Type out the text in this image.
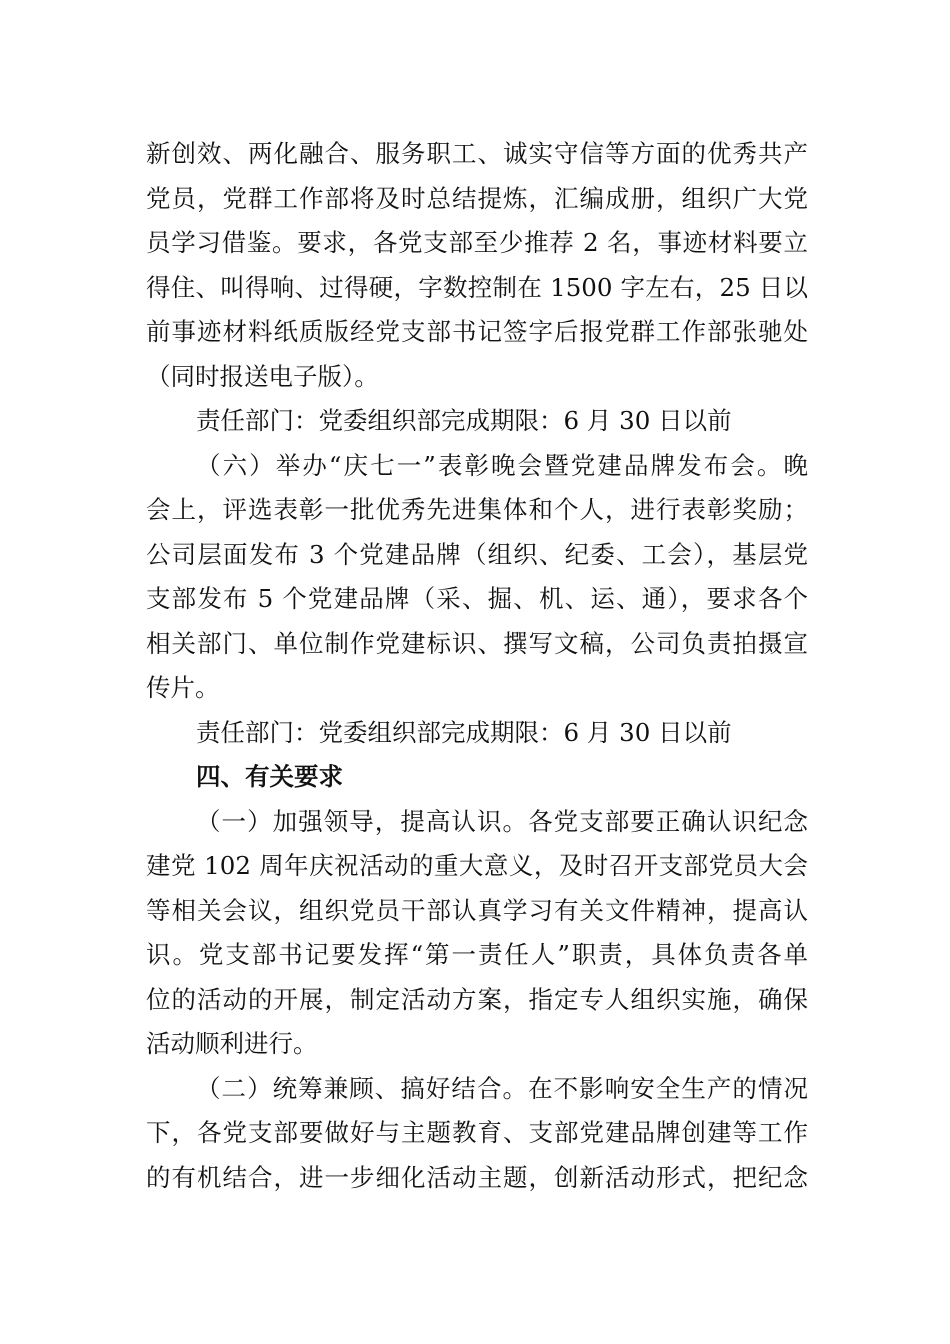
新创效、两化融合、服务职工、诚实守信等方面的优秀共产
党员，党群工作部将及时总结提炼，汇编成册，组织广大党
员学习借鉴。要求，各党支部至少推荐 2 名，事迹材料要立
得住、叫得响、过得硬，字数控制在 1500 字左右，25 日以
前事迹材料纸质版经党支部书记签字后报党群工作部张驰处
（同时报送电子版）。
责任部门：党委组织部完成期限：6 月 30 日以前
（六）举办“庆七一”表彰晚会暨党建品牌发布会。晚
会上，评选表彰一批优秀先进集体和个人，进行表彰奖励；
公司层面发布 3 个党建品牌（组织、纪委、工会），基层党
支部发布 5 个党建品牌（采、掘、机、运、通），要求各个
相关部门、单位制作党建标识、撰写文稿，公司负责拍摄宣
传片。
责任部门：党委组织部完成期限：6 月 30 日以前
四、有关要求
（一）加强领导，提高认识。各党支部要正确认识纪念
建党 102 周年庆祝活动的重大意义，及时召开支部党员大会
等相关会议，组织党员干部认真学习有关文件精神，提高认
识。党支部书记要发挥“第一责任人”职责，具体负责各单
位的活动的开展，制定活动方案，指定专人组织实施，确保
活动顺利进行。
（二）统筹兼顾、搞好结合。在不影响安全生产的情况
下，各党支部要做好与主题教育、支部党建品牌创建等工作
的有机结合，进一步细化活动主题，创新活动形式，把纪念
